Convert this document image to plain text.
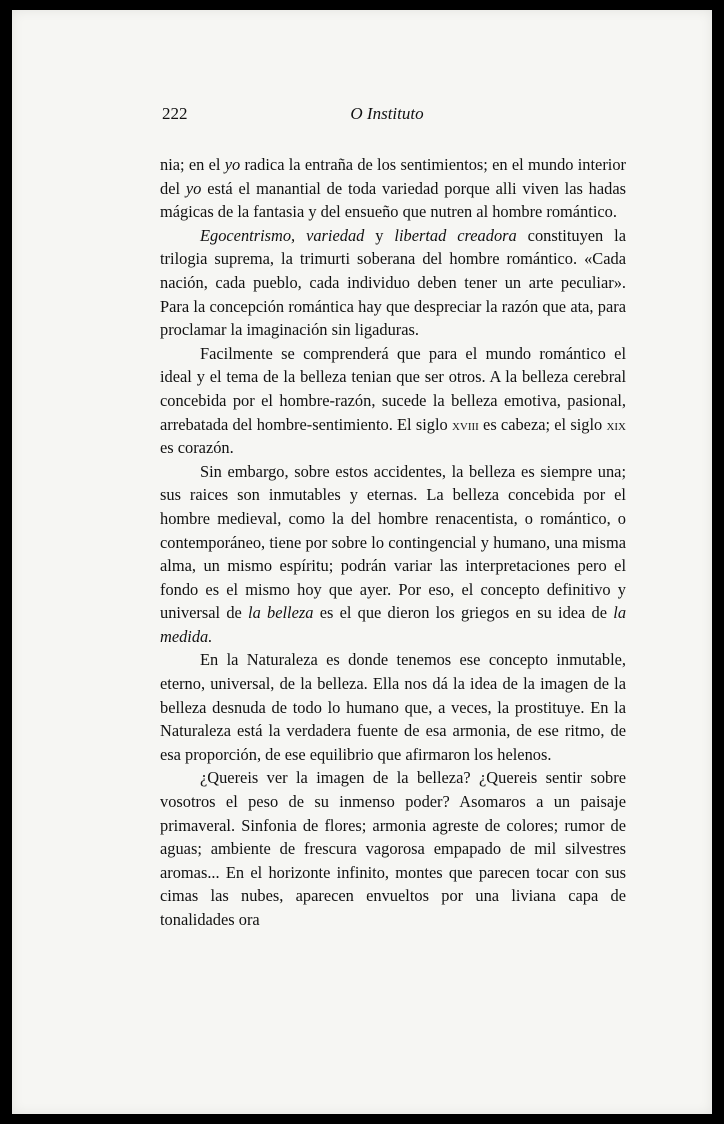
222	O Instituto

nia; en el yo radica la entraña de los sentimientos; en el mundo interior del yo está el manantial de toda variedad porque alli viven las hadas mágicas de la fantasia y del ensueño que nutren al hombre romántico.

Egocentrismo, variedad y libertad creadora constituyen la trilogia suprema, la trimurti soberana del hombre romántico. «Cada nación, cada pueblo, cada individuo deben tener un arte peculiar». Para la concepción romántica hay que despreciar la razón que ata, para proclamar la imaginación sin ligaduras.

Facilmente se comprenderá que para el mundo romántico el ideal y el tema de la belleza tenian que ser otros. A la belleza cerebral concebida por el hombre-razón, sucede la belleza emotiva, pasional, arrebatada del hombre-sentimiento. El siglo xviii es cabeza; el siglo xix es corazón.

Sin embargo, sobre estos accidentes, la belleza es siempre una; sus raices son inmutables y eternas. La belleza concebida por el hombre medieval, como la del hombre renacentista, o romántico, o contemporáneo, tiene por sobre lo contingencial y humano, una misma alma, un mismo espíritu; podrán variar las interpretaciones pero el fondo es el mismo hoy que ayer. Por eso, el concepto definitivo y universal de la belleza es el que dieron los griegos en su idea de la medida.

En la Naturaleza es donde tenemos ese concepto inmutable, eterno, universal, de la belleza. Ella nos dá la idea de la imagen de la belleza desnuda de todo lo humano que, a veces, la prostituye. En la Naturaleza está la verdadera fuente de esa armonia, de ese ritmo, de esa proporción, de ese equilibrio que afirmaron los helenos.

¿Quereis ver la imagen de la belleza? ¿Quereis sentir sobre vosotros el peso de su inmenso poder? Asomaros a un paisaje primaveral. Sinfonia de flores; armonia agreste de colores; rumor de aguas; ambiente de frescura vagorosa empapado de mil silvestres aromas... En el horizonte infinito, montes que parecen tocar con sus cimas las nubes, aparecen envueltos por una liviana capa de tonalidades ora
